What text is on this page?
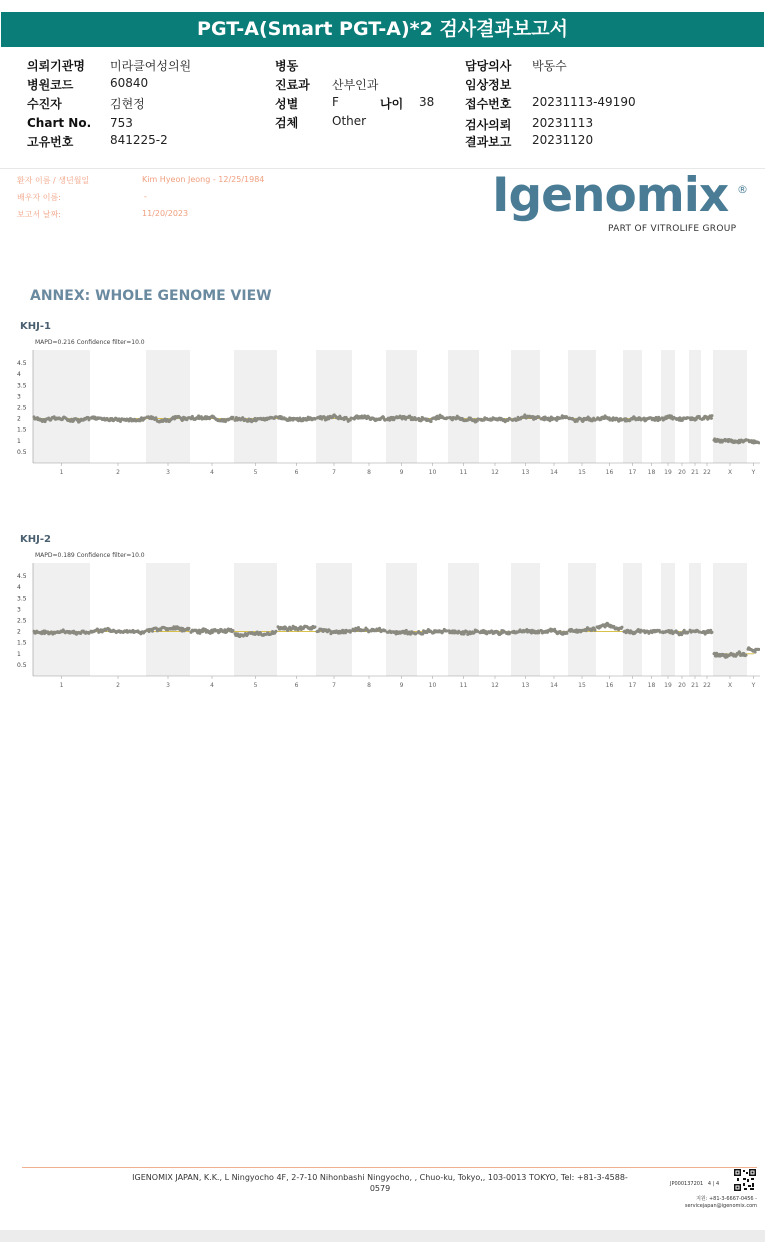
PGT-A(Smart PGT-A)*2 검사결과보고서
의뢰기관명 미라클여성의원
병원코드	60840
수진자	김현정
Chart No. 753
고유번호	841225-2
병동
진료과 산부인과
성별	F	나이 38
검체	Other
담당의사 박동수
임상정보
접수번호 20231113-49190
검사의뢰 20231113
결과보고 20231120
환자 이름 / 생년월일	Kim Hyeon Jeong - 12/25/1984
배우자 이름:	-
보고서 날짜:	11/20/2023	Igenomix ®
PART OF VITROLIFE GROUP
ANNEX: WHOLE GENOME VIEW
KHJ-1
MAPD=0.216 Confidence filter=10.0
4.5
4
3.5
3
2.5
2
1.5
1
0.5
1	2	3	4	5	6	7	8	9	10	11	12	13	14	15	16	17 18 19 20 21 22	X	Y
KHJ-2
MAPD=0.189 Confidence filter=10.0
4.5
4
3.5
3
2.5
2
1.5
1
0.5
1	2	3	4	5	6	7	8	9	10	11	12	13	14	15	16	17 18 19 20 21 22	X	Y
IGENOMIX JAPAN, K.K., L Ningyocho 4F, 2-7-10 Nihonbashi Ningyocho, , Chuo-ku, Tokyo,, 103-0013 TOKYO, Tel: +81-3-4588-0579	JP000137201 4 | 4
지원: +81-3-6667-0456 -
servicejapan@igenomix.com
